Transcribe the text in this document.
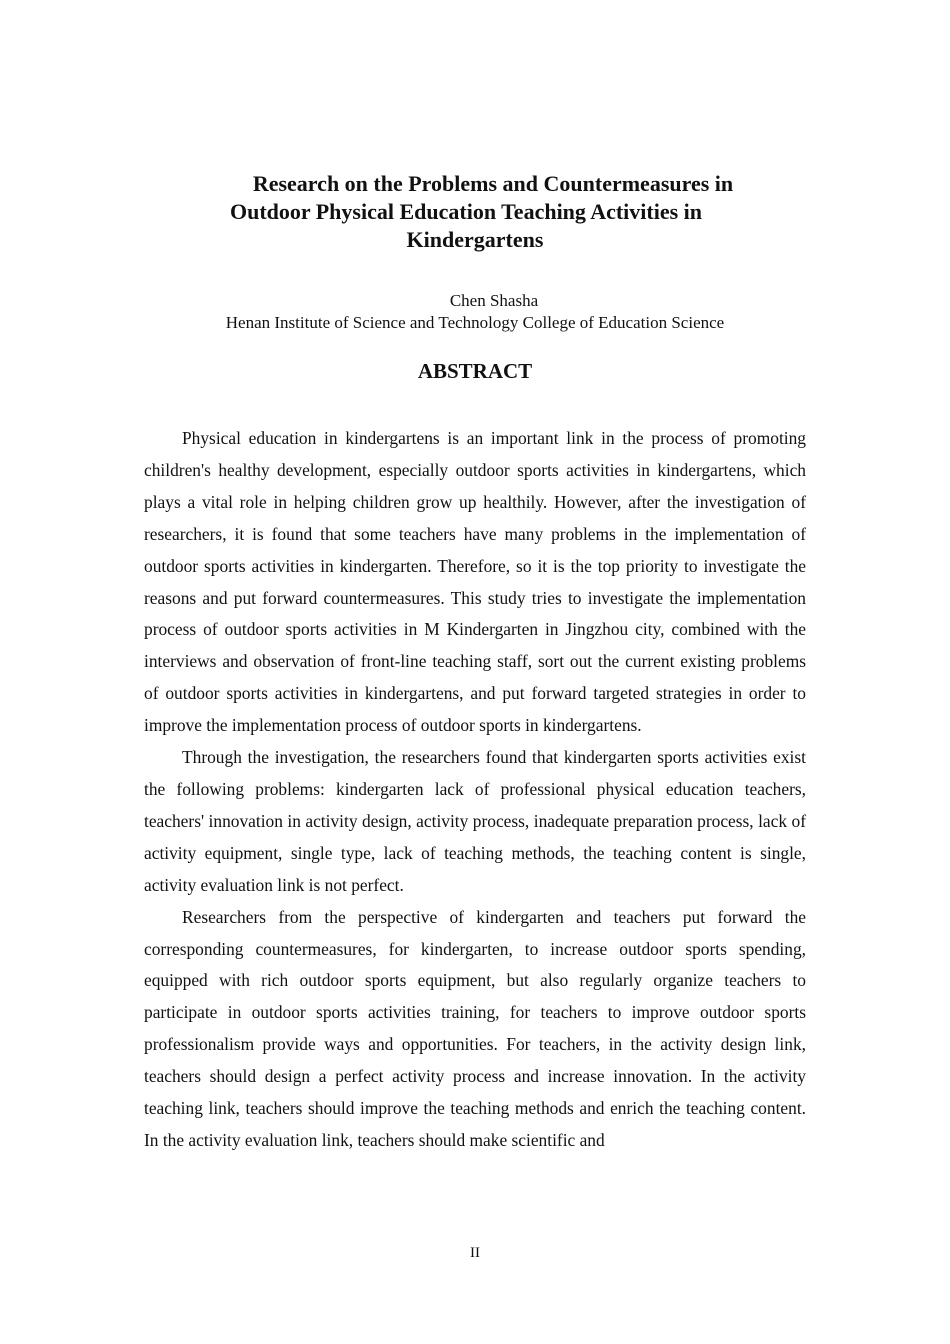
Research on the Problems and Countermeasures in

Outdoor Physical Education Teaching Activities in

Kindergartens

Chen Shasha
Henan Institute of Science and Technology College of Education Science
ABSTRACT

Physical education in kindergartens is an important link in the process of promoting children's healthy development, especially outdoor sports activities in kindergartens, which plays a vital role in helping children grow up healthily. However, after the investigation of researchers, it is found that some teachers have many problems in the implementation of outdoor sports activities in kindergarten. Therefore, so it is the top priority to investigate the reasons and put forward countermeasures. This study tries to investigate the implementation process of outdoor sports activities in M Kindergarten in Jingzhou city, combined with the interviews and observation of front-line teaching staff, sort out the current existing problems of outdoor sports activities in kindergartens, and put forward targeted strategies in order to improve the implementation process of outdoor sports in kindergartens.

Through the investigation, the researchers found that kindergarten sports activities exist the following problems: kindergarten lack of professional physical education teachers, teachers' innovation in activity design, activity process, inadequate preparation process, lack of activity equipment, single type, lack of teaching methods, the teaching content is single, activity evaluation link is not perfect.

Researchers from the perspective of kindergarten and teachers put forward the corresponding countermeasures, for kindergarten, to increase outdoor sports spending, equipped with rich outdoor sports equipment, but also regularly organize teachers to participate in outdoor sports activities training, for teachers to improve outdoor sports professionalism provide ways and opportunities. For teachers, in the activity design link, teachers should design a perfect activity process and increase innovation. In the activity teaching link, teachers should improve the teaching methods and enrich the teaching content. In the activity evaluation link, teachers should make scientific and

II
